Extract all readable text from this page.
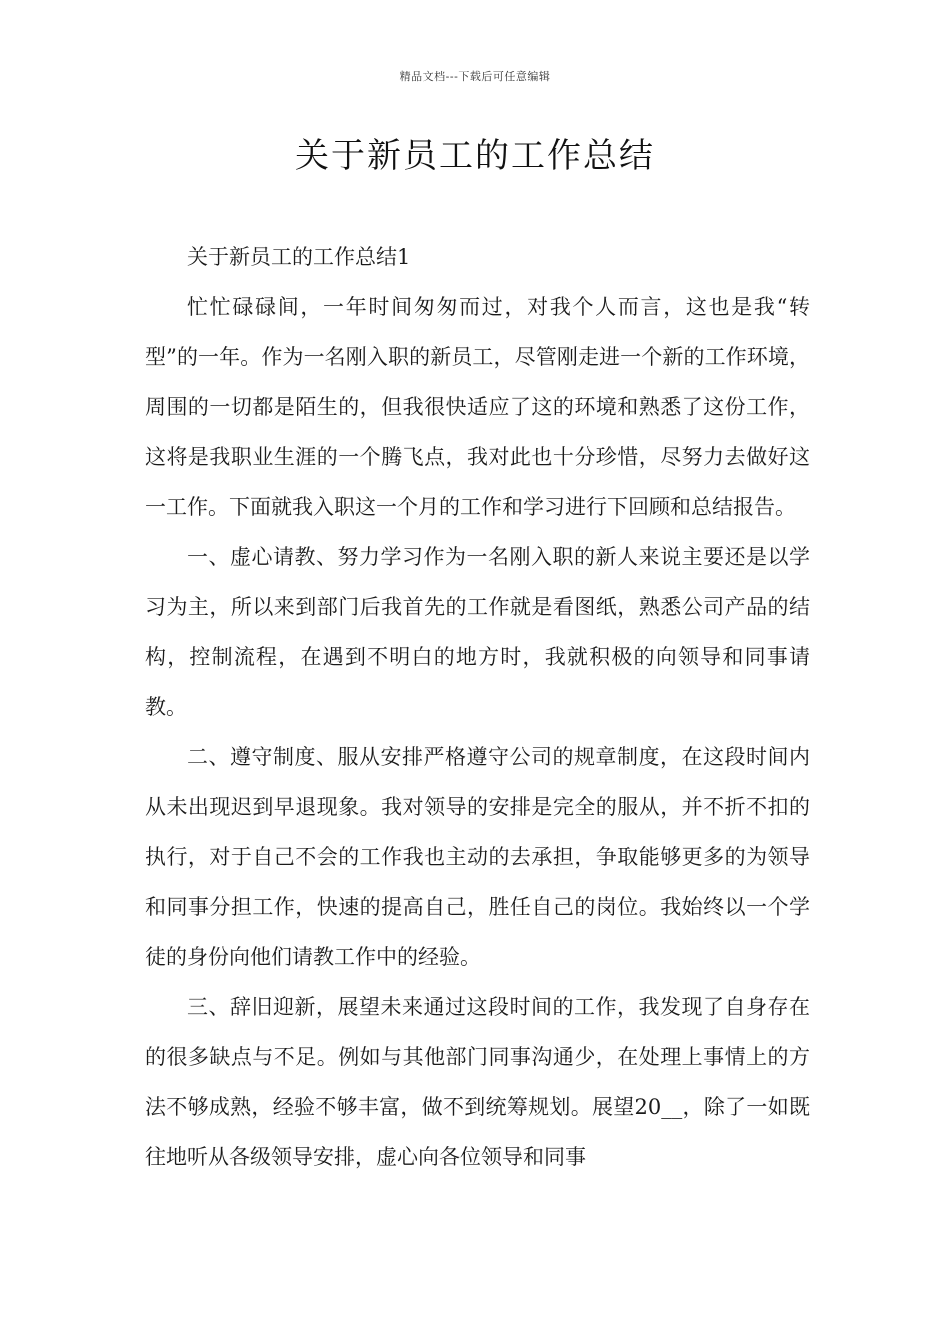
精品文档---下载后可任意编辑
关于新员工的工作总结

关于新员工的工作总结1

忙忙碌碌间，一年时间匆匆而过，对我个人而言，这也是我“转型”的一年。作为一名刚入职的新员工，尽管刚走进一个新的工作环境，周围的一切都是陌生的，但我很快适应了这的环境和熟悉了这份工作，这将是我职业生涯的一个腾飞点，我对此也十分珍惜，尽努力去做好这一工作。下面就我入职这一个月的工作和学习进行下回顾和总结报告。

一、虚心请教、努力学习作为一名刚入职的新人来说主要还是以学习为主，所以来到部门后我首先的工作就是看图纸，熟悉公司产品的结构，控制流程，在遇到不明白的地方时，我就积极的向领导和同事请教。

二、遵守制度、服从安排严格遵守公司的规章制度，在这段时间内从未出现迟到早退现象。我对领导的安排是完全的服从，并不折不扣的执行，对于自己不会的工作我也主动的去承担，争取能够更多的为领导和同事分担工作，快速的提高自己，胜任自己的岗位。我始终以一个学徒的身份向他们请教工作中的经验。

三、辞旧迎新，展望未来通过这段时间的工作，我发现了自身存在的很多缺点与不足。例如与其他部门同事沟通少，在处理上事情上的方法不够成熟，经验不够丰富，做不到统筹规划。展望20__，除了一如既往地听从各级领导安排，虚心向各位领导和同事
